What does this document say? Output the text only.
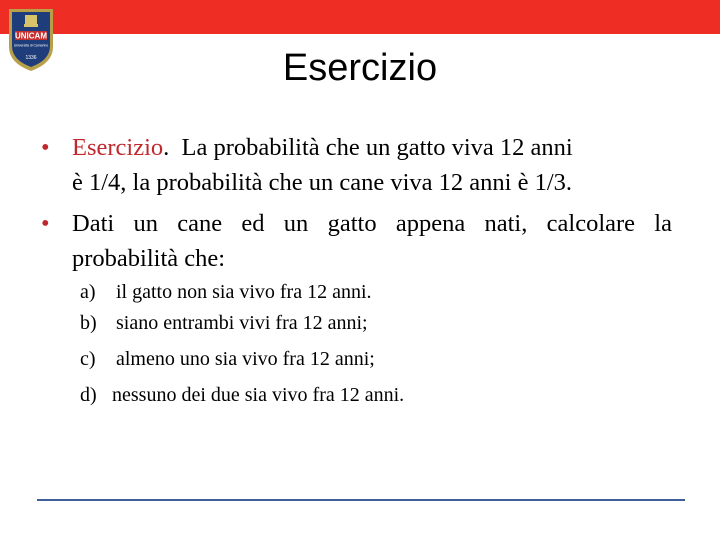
UNICAM
Università di Camerino
1336	Esercizio
• Esercizio. La probabilità che un gatto viva 12 anni
è 1/4, la probabilità che un cane viva 12 anni è 1/3.
• Dati un cane ed un gatto appena nati, calcolare la
probabilità che:
a) il gatto non sia vivo fra 12 anni.
b) siano entrambi vivi fra 12 anni;
c) almeno uno sia vivo fra 12 anni;
d) nessuno dei due sia vivo fra 12 anni.
